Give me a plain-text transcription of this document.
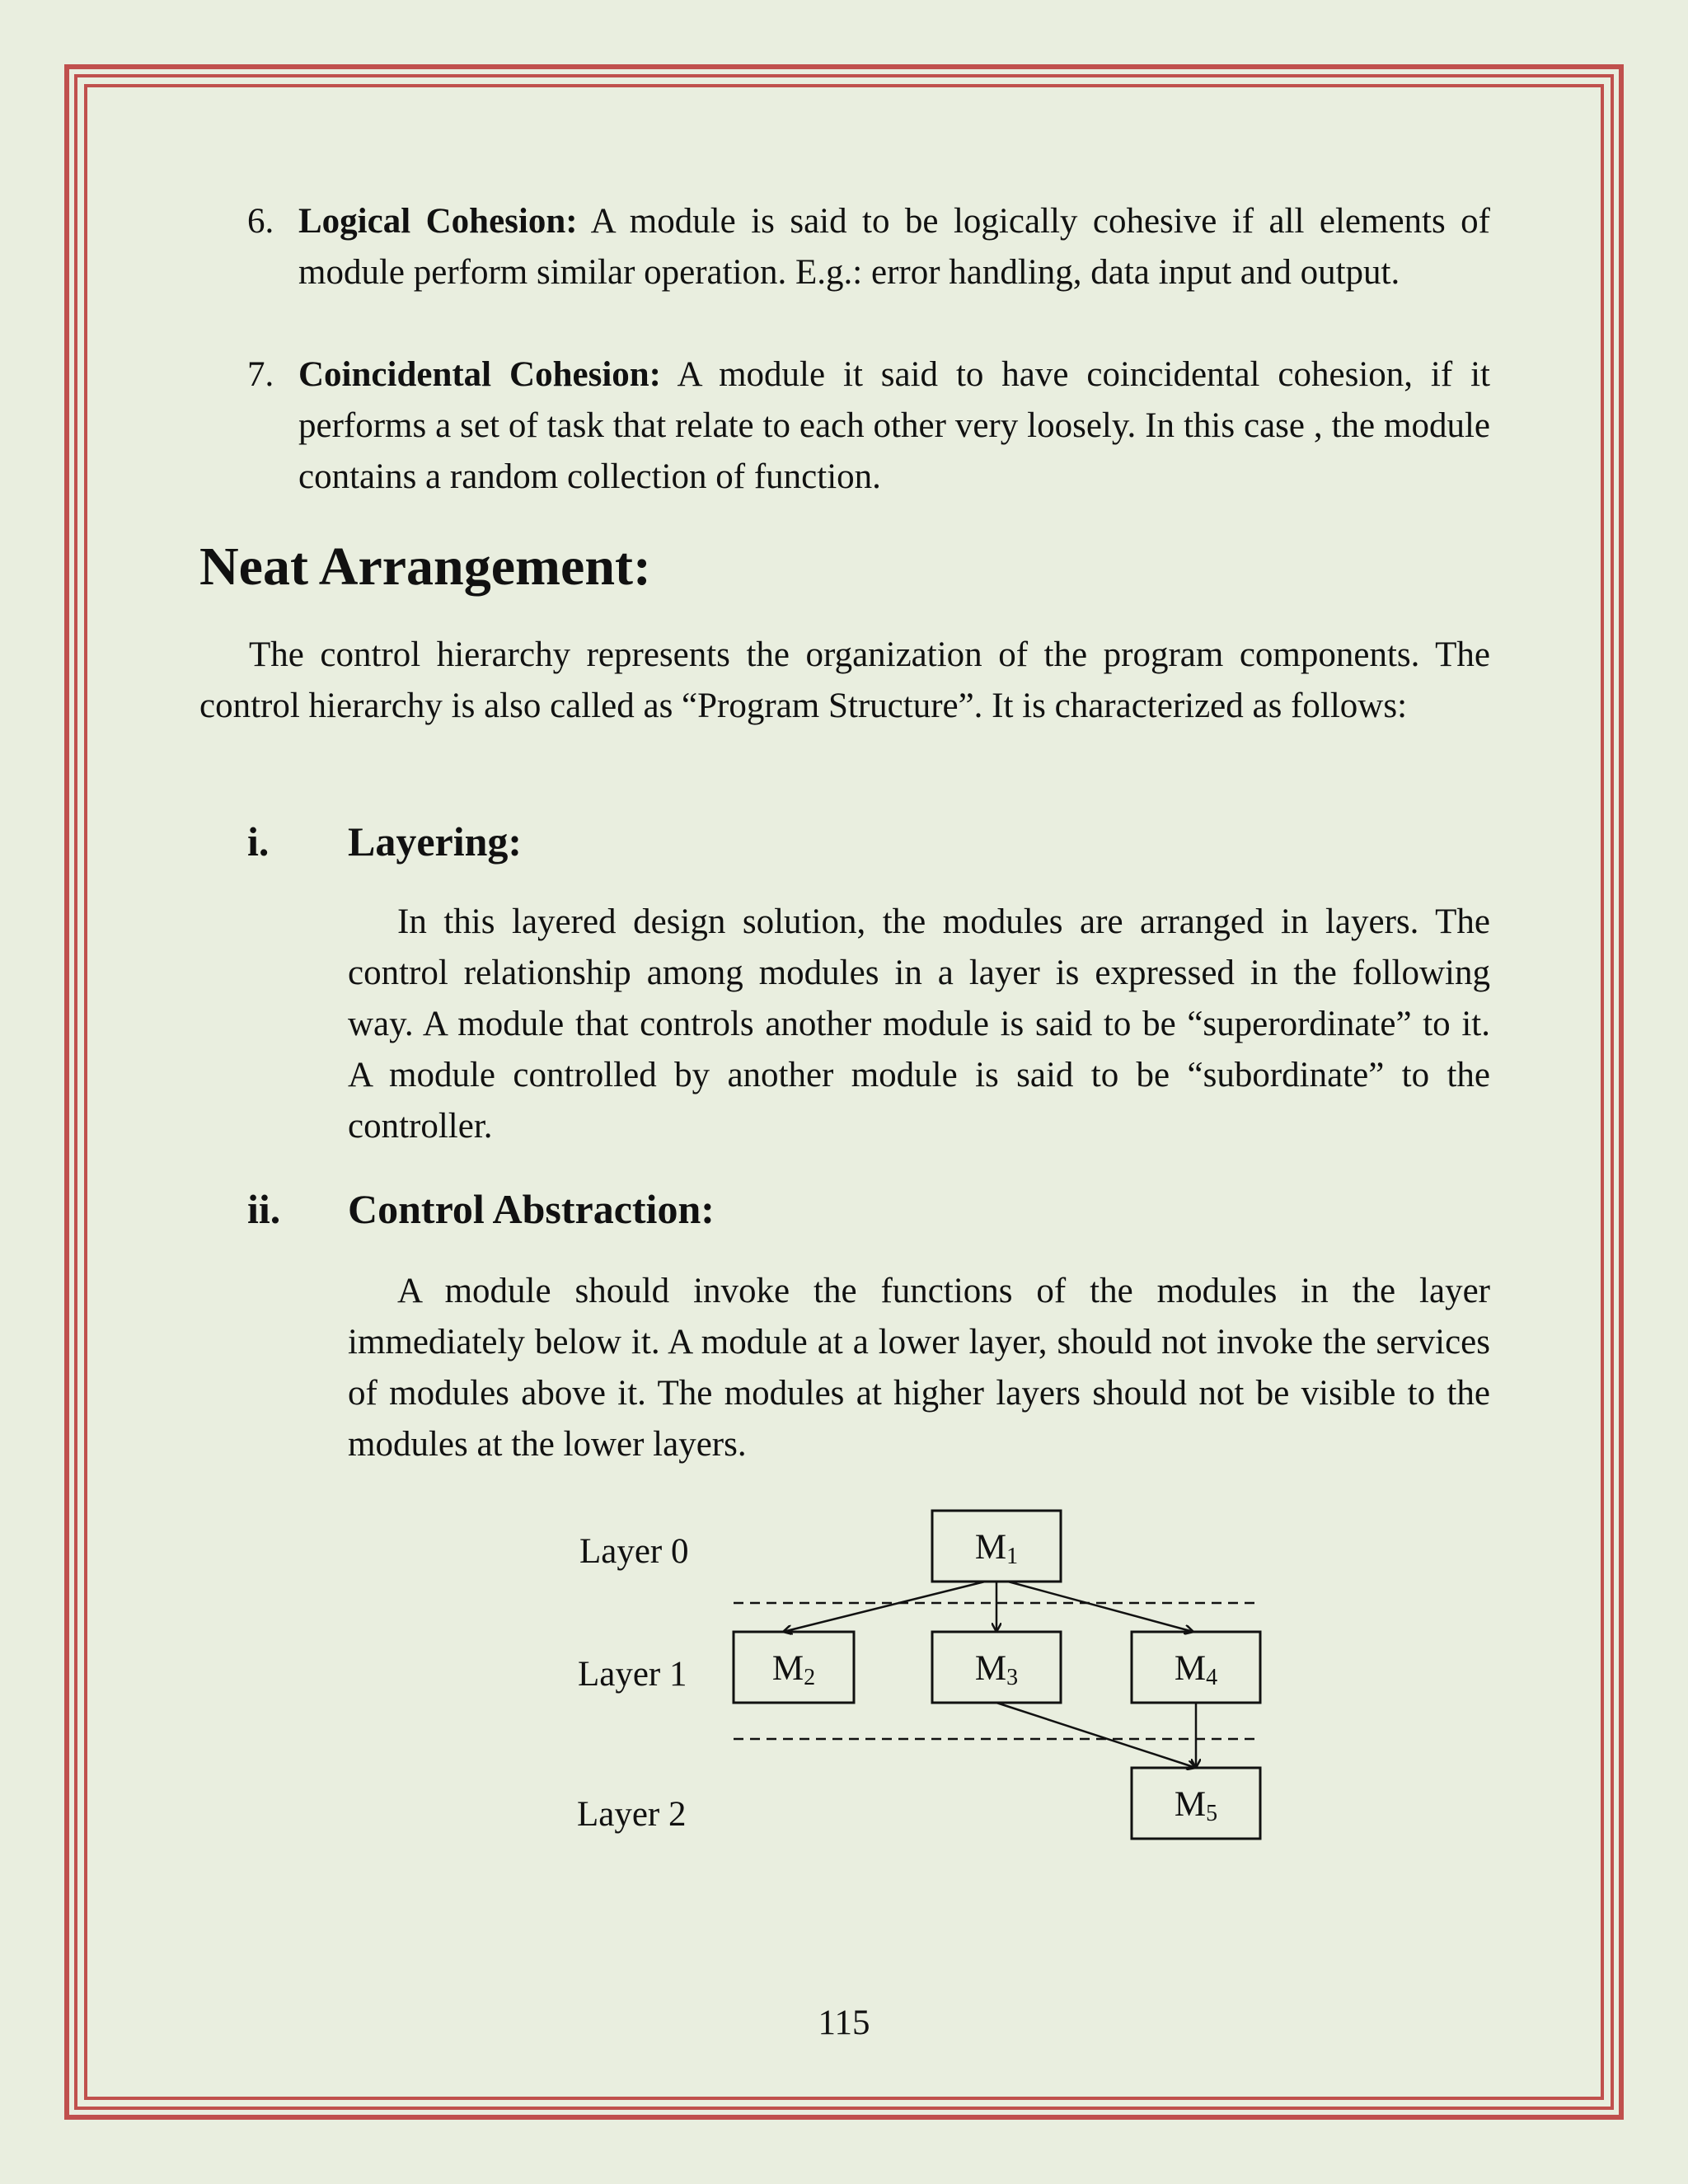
6. Logical Cohesion: A module is said to be logically cohesive if all elements of module perform similar operation. E.g.: error handling, data input and output.
7. Coincidental Cohesion: A module it said to have coincidental cohesion, if it performs a set of task that relate to each other very loosely. In this case , the module contains a random collection of function.
Neat Arrangement:

The control hierarchy represents the organization of the program components. The control hierarchy is also called as “Program Structure”. It is characterized as follows:

i. Layering:

In this layered design solution, the modules are arranged in layers. The control relationship among modules in a layer is expressed in the following way. A module that controls another module is said to be “superordinate” to it. A module controlled by another module is said to be “subordinate” to the controller.

ii. Control Abstraction:

A module should invoke the functions of the modules in the layer immediately below it. A module at a lower layer, should not invoke the services of modules above it. The modules at higher layers should not be visible to the modules at the lower layers.

Layer 0
Layer 1
Layer 2
M1
M2	M3	M4
M5
115
